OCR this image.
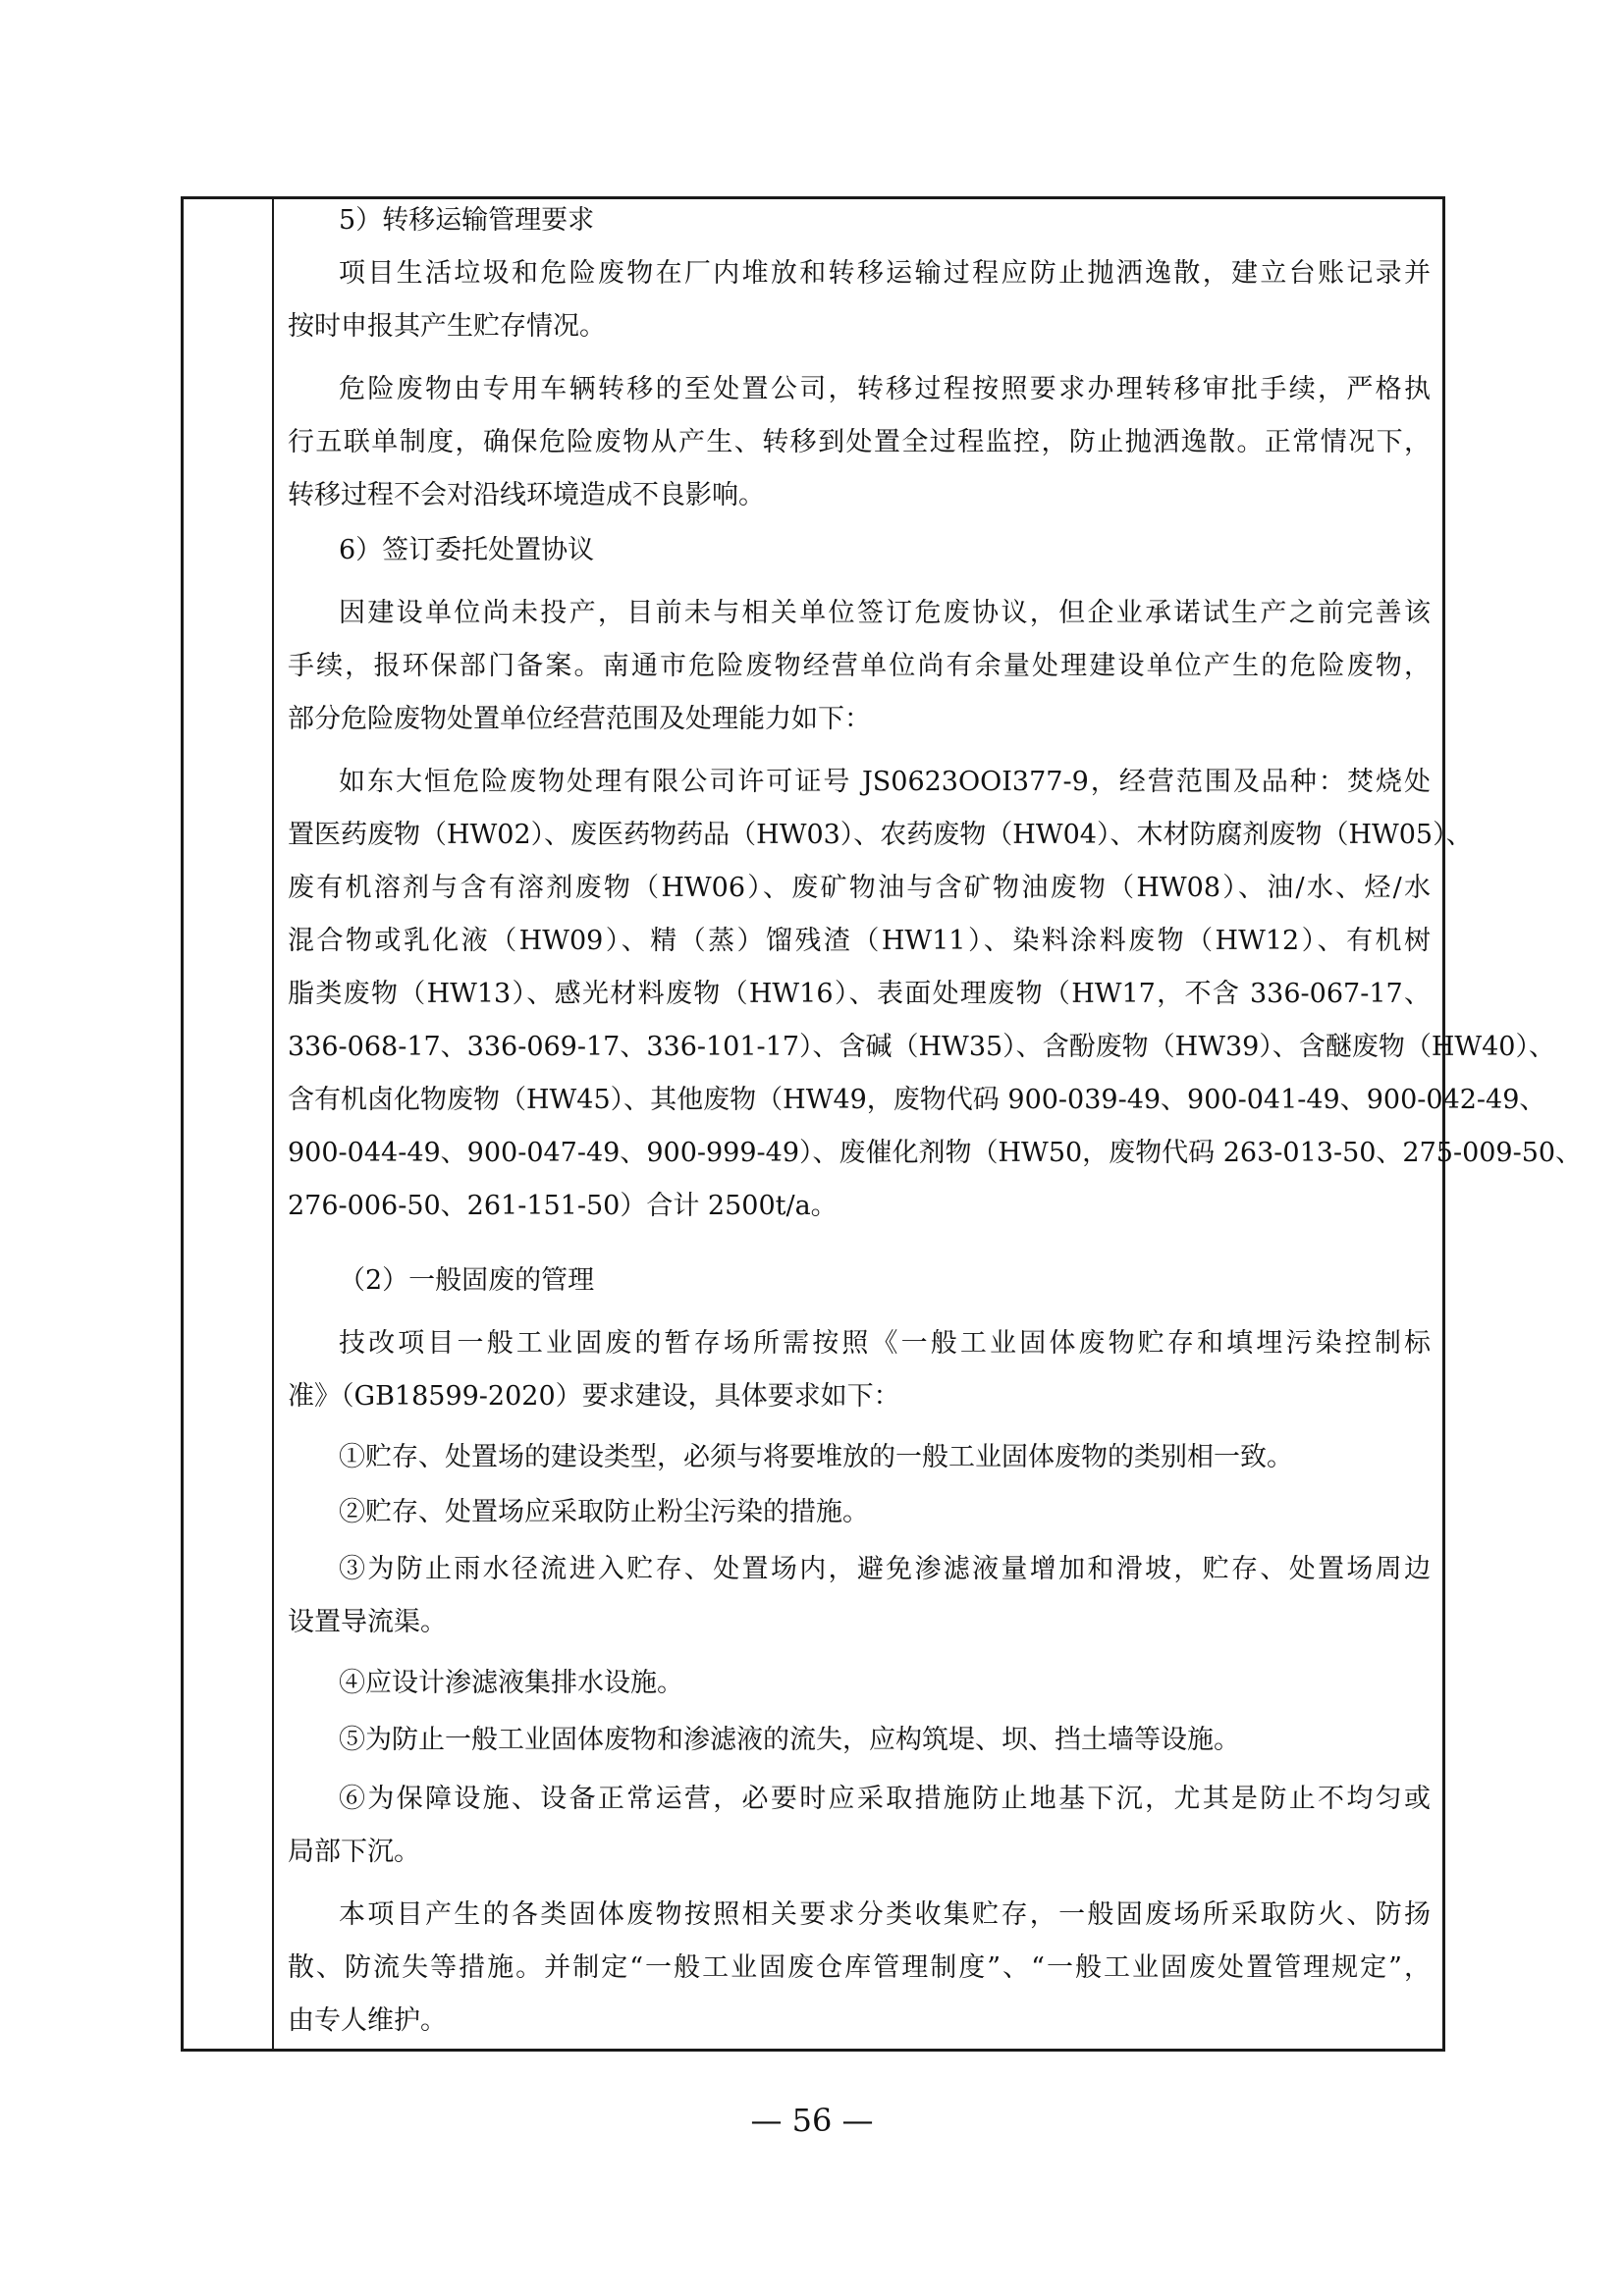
5）转移运输管理要求
项目生活垃圾和危险废物在厂内堆放和转移运输过程应防止抛洒逸散，建立台账记录并
按时申报其产生贮存情况。
危险废物由专用车辆转移的至处置公司，转移过程按照要求办理转移审批手续，严格执
行五联单制度，确保危险废物从产生、转移到处置全过程监控，防止抛洒逸散。正常情况下，
转移过程不会对沿线环境造成不良影响。
6）签订委托处置协议
因建设单位尚未投产，目前未与相关单位签订危废协议，但企业承诺试生产之前完善该
手续，报环保部门备案。南通市危险废物经营单位尚有余量处理建设单位产生的危险废物，
部分危险废物处置单位经营范围及处理能力如下：
如东大恒危险废物处理有限公司许可证号 JS0623OOI377-9，经营范围及品种：焚烧处
置医药废物（HW02）、废医药物药品（HW03）、农药废物（HW04）、木材防腐剂废物（HW05）、
废有机溶剂与含有溶剂废物（HW06）、废矿物油与含矿物油废物（HW08）、油/水、烃/水
混合物或乳化液（HW09）、精（蒸）馏残渣（HW11）、染料涂料废物（HW12）、有机树
脂类废物（HW13）、感光材料废物（HW16）、表面处理废物（HW17，不含 336-067-17、
336-068-17、336-069-17、336-101-17）、含碱（HW35）、含酚废物（HW39）、含醚废物（HW40）、
含有机卤化物废物（HW45）、其他废物（HW49，废物代码 900-039-49、900-041-49、900-042-49、
900-044-49、900-047-49、900-999-49）、废催化剂物（HW50，废物代码 263-013-50、275-009-50、
276-006-50、261-151-50）合计 2500t/a。
（2）一般固废的管理
技改项目一般工业固废的暂存场所需按照《一般工业固体废物贮存和填埋污染控制标
准》（GB18599-2020）要求建设，具体要求如下：
①贮存、处置场的建设类型，必须与将要堆放的一般工业固体废物的类别相一致。
②贮存、处置场应采取防止粉尘污染的措施。
③为防止雨水径流进入贮存、处置场内，避免渗滤液量增加和滑坡，贮存、处置场周边
设置导流渠。
④应设计渗滤液集排水设施。
⑤为防止一般工业固体废物和渗滤液的流失，应构筑堤、坝、挡土墙等设施。
⑥为保障设施、设备正常运营，必要时应采取措施防止地基下沉，尤其是防止不均匀或
局部下沉。
本项目产生的各类固体废物按照相关要求分类收集贮存，一般固废场所采取防火、防扬
散、防流失等措施。并制定“一般工业固废仓库管理制度”、“一般工业固废处置管理规定”，
由专人维护。
— 56 —
